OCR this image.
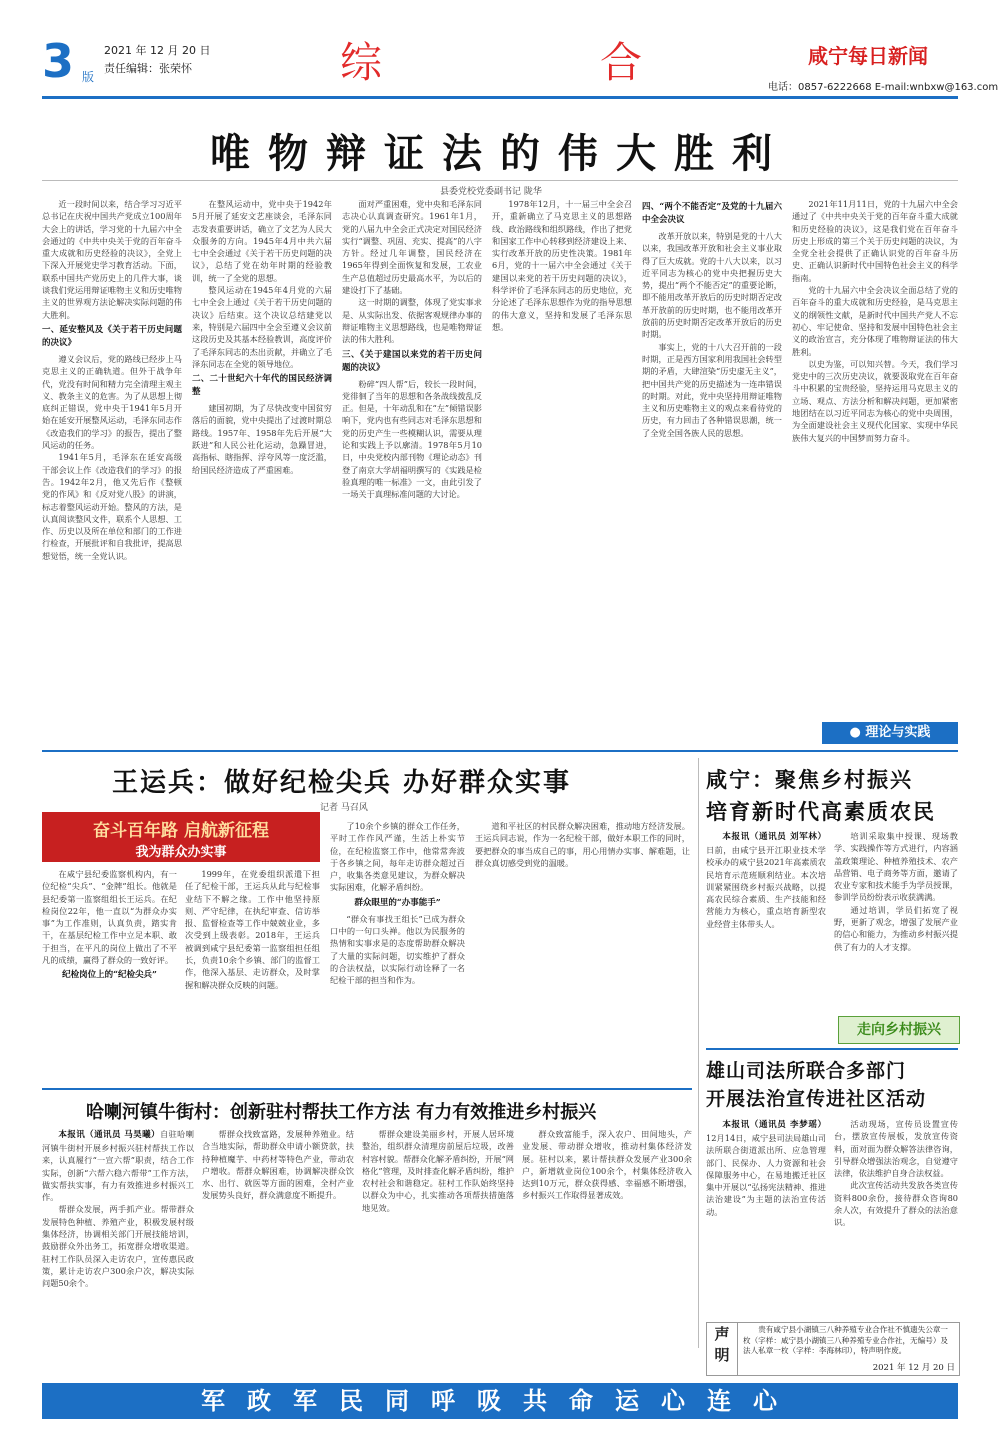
3 版
2021 年 12 月 20 日
责任编辑：张荣怀	综	合	咸宁每日新闻
电话：0857-6222668 E-mail:wnbxw@163.com
唯物辩证法的伟大胜利
县委党校党委副书记 陇华

近一段时间以来，结合学习习近平总书记在庆祝中国共产党成立100周年大会上的讲话，学习党的十九届六中全会通过的《中共中央关于党的百年奋斗重大成就和历史经验的决议》，全党上下深入开展党史学习教育活动。下面，联系中国共产党历史上的几件大事，谈谈我们党运用辩证唯物主义和历史唯物主义的世界观方法论解决实际问题的伟大胜利。

一、延安整风及《关于若干历史问题的决议》

遵义会议后，党的路线已经步上马克思主义的正确轨道。但外于战争年代，党没有时间和精力完全清理主观主义、教条主义的危害。为了从思想上彻底纠正错误，党中央于1941年5月开始在延安开展整风运动，毛泽东同志作《改造我们的学习》的报告，提出了整风运动的任务。

1941年5月，毛泽东在延安高级干部会议上作《改造我们的学习》的报告。1942年2月，他又先后作《整顿党的作风》和《反对党八股》的讲演，标志着整风运动开始。整风的方法，是认真阅读整风文件，联系个人思想、工作、历史以及所在单位和部门的工作进行检查，开展批评和自我批评，提高思想觉悟，统一全党认识。

在整风运动中，党中央于1942年5月开展了延安文艺座谈会，毛泽东同志发表重要讲话，确立了文艺为人民大众服务的方向。1945年4月中共六届七中全会通过《关于若干历史问题的决议》，总结了党在幼年时期的经验教训，统一了全党的思想。

整风运动在1945年4月党的六届七中全会上通过《关于若干历史问题的决议》后结束。这个决议总结建党以来，特别是六届四中全会至遵义会议前这段历史及其基本经验教训，高度评价了毛泽东同志的杰出贡献，并确立了毛泽东同志在全党的领导地位。

二、二十世纪六十年代的国民经济调整

建国初期，为了尽快改变中国贫穷落后的面貌，党中央提出了过渡时期总路线。1957年、1958年先后开展“大跃进”和人民公社化运动，急躁冒进，高指标、瞎指挥、浮夸风等一度泛滥，给国民经济造成了严重困难。

面对严重困难，党中央和毛泽东同志决心认真调查研究。1961年1月，党的八届九中全会正式决定对国民经济实行“调整、巩固、充实、提高”的八字方针。经过几年调整，国民经济在1965年得到全面恢复和发展，工农业生产总值超过历史最高水平，为以后的建设打下了基础。

这一时期的调整，体现了党实事求是、从实际出发、依据客观规律办事的辩证唯物主义思想路线，也是唯物辩证法的伟大胜利。

三、《关于建国以来党的若干历史问题的决议》

粉碎“四人帮”后，较长一段时间，党徘徊了当年的思想和各条战线拨乱反正。但是，十年动乱和在“左”倾错误影响下，党内也有些同志对毛泽东思想和党的历史产生一些模糊认识，需要从理论和实践上予以廓清。1978年5月10日，中央党校内部刊物《理论动态》刊登了南京大学胡福明撰写的《实践是检验真理的唯一标准》一文，由此引发了一场关于真理标准问题的大讨论。

1978年12月，十一届三中全会召开，重新确立了马克思主义的思想路线、政治路线和组织路线，作出了把党和国家工作中心转移到经济建设上来、实行改革开放的历史性决策。1981年6月，党的十一届六中全会通过《关于建国以来党的若干历史问题的决议》，科学评价了毛泽东同志的历史地位，充分论述了毛泽东思想作为党的指导思想的伟大意义，坚持和发展了毛泽东思想。

四、“两个不能否定”及党的十九届六中全会决议

改革开放以来，特别是党的十八大以来，我国改革开放和社会主义事业取得了巨大成就。党的十八大以来，以习近平同志为核心的党中央把握历史大势，提出“两个不能否定”的重要论断，即不能用改革开放后的历史时期否定改革开放前的历史时期，也不能用改革开放前的历史时期否定改革开放后的历史时期。

事实上，党的十八大召开前的一段时期，正是西方国家利用我国社会转型期的矛盾，大肆渲染“历史虚无主义”，把中国共产党的历史描述为一连串错误的时期。对此，党中央坚持用辩证唯物主义和历史唯物主义的观点来看待党的历史，有力回击了各种错误思潮，统一了全党全国各族人民的思想。

2021年11月11日，党的十九届六中全会通过了《中共中央关于党的百年奋斗重大成就和历史经验的决议》，这是我们党在百年奋斗历史上形成的第三个关于历史问题的决议，为全党全社会提供了正确认识党的百年奋斗历史、正确认识新时代中国特色社会主义的科学指南。

党的十九届六中全会决议全面总结了党的百年奋斗的重大成就和历史经验，是马克思主义的纲领性文献，是新时代中国共产党人不忘初心、牢记使命、坚持和发展中国特色社会主义的政治宣言，充分体现了唯物辩证法的伟大胜利。

以史为鉴，可以知兴替。今天，我们学习党史中的三次历史决议，就要汲取党在百年奋斗中积累的宝贵经验，坚持运用马克思主义的立场、观点、方法分析和解决问题，更加紧密地团结在以习近平同志为核心的党中央周围，为全面建设社会主义现代化国家、实现中华民族伟大复兴的中国梦而努力奋斗。

● 理论与实践
王运兵：做好纪检尖兵 办好群众实事
记者 马召风
奋斗百年路 启航新征程
我为群众办实事

在咸宁县纪委监察机构内，有一位纪检“尖兵”、“金牌”组长。他就是县纪委第一监察组组长王运兵。在纪检岗位22年，他一直以“为群众办实事”为工作准则，认真负责，踏实肯干，在基层纪检工作中立足本职、敢于担当，在平凡的岗位上做出了不平凡的成绩，赢得了群众的一致好评。

纪检岗位上的“纪检尖兵”

1999年，在党委组织派遣下担任了纪检干部，王运兵从此与纪检事业结下不解之缘。工作中他坚持原则、严守纪律，在执纪审查、信访举报、监督检查等工作中兢兢业业，多次受到上级表彰。2018年，王运兵被调到咸宁县纪委第一监察组担任组长，负责10余个乡镇、部门的监督工作，他深入基层、走访群众，及时掌握和解决群众反映的问题。

了10余个乡镇的群众工作任务，平时工作作风严谨，生活上朴实节俭，在纪检监察工作中，他常常奔波于各乡镇之间，每年走访群众超过百户，收集各类意见建议，为群众解决实际困难，化解矛盾纠纷。

群众眼里的“办事能手”

“群众有事找王组长”已成为群众口中的一句口头禅。他以为民服务的热情和实事求是的态度帮助群众解决了大量的实际问题，切实维护了群众的合法权益，以实际行动诠释了一名纪检干部的担当和作为。

道和平社区的村民群众解决困难，推动地方经济发展。王运兵同志说，作为一名纪检干部，做好本职工作的同时，要把群众的事当成自己的事，用心用情办实事、解难题，让群众真切感受到党的温暖。

哈喇河镇牛街村：创新驻村帮扶工作方法 有力有效推进乡村振兴

本报讯（通讯员 马昊曦）自驻哈喇河镇牛街村开展乡村振兴驻村帮扶工作以来，认真履行“一宣六帮”职责，结合工作实际，创新“六帮六稳六帮带”工作方法，做实帮扶实事，有力有效推进乡村振兴工作。

帮群众发展，两手抓产业。帮带群众发展特色种植、养殖产业，积极发展村级集体经济，协调相关部门开展技能培训，鼓励群众外出务工，拓宽群众增收渠道。驻村工作队员深入走访农户，宣传惠民政策，累计走访农户300余户次，解决实际问题50余个。

帮群众找致富路，发展种养殖业。结合当地实际，帮助群众申请小额贷款，扶持种植魔芋、中药材等特色产业，带动农户增收。帮群众解困难，协调解决群众饮水、出行、就医等方面的困难，全村产业发展势头良好，群众满意度不断提升。

帮群众建设美丽乡村，开展人居环境整治，组织群众清理房前屋后垃圾，改善村容村貌。帮群众化解矛盾纠纷，开展“网格化”管理，及时排查化解矛盾纠纷，维护农村社会和谐稳定。驻村工作队始终坚持以群众为中心，扎实推动各项帮扶措施落地见效。

群众致富能手，深入农户、田间地头，产业发展、带动群众增收，推动村集体经济发展。驻村以来，累计帮扶群众发展产业300余户，新增就业岗位100余个，村集体经济收入达到10万元，群众获得感、幸福感不断增强，乡村振兴工作取得显著成效。

咸宁：聚焦乡村振兴
培育新时代高素质农民

本报讯（通讯员 刘军林）日前，由咸宁县开江职业技术学校承办的咸宁县2021年高素质农民培育示范班顺利结业。本次培训紧紧围绕乡村振兴战略，以提高农民综合素质、生产技能和经营能力为核心，重点培育新型农业经营主体带头人。

培训采取集中授课、现场教学、实践操作等方式进行，内容涵盖政策理论、种植养殖技术、农产品营销、电子商务等方面，邀请了农业专家和技术能手为学员授课，参训学员纷纷表示收获满满。

通过培训，学员们拓宽了视野，更新了观念，增强了发展产业的信心和能力，为推动乡村振兴提供了有力的人才支撑。

走向乡村振兴
雄山司法所联合多部门
开展法治宣传进社区活动

本报讯（通讯员 李梦瑶）12月14日，咸宁县司法局雄山司法所联合街道派出所、应急管理部门、民保办、人力资源和社会保障服务中心，在易地搬迁社区集中开展以“弘扬宪法精神、推进法治建设”为主题的法治宣传活动。

活动现场，宣传员设置宣传台，摆放宣传展板，发放宣传资料，面对面为群众解答法律咨询，引导群众增强法治观念，自觉遵守法律，依法维护自身合法权益。

此次宣传活动共发放各类宣传资料800余份，接待群众咨询80余人次，有效提升了群众的法治意识。

声
明
贵有咸宁县小湖镇三八种养殖专业合作社不慎遗失公章一枚（字样：咸宁县小湖镇三八种养殖专业合作社，无编号）及法人私章一枚（字样：李海林印），特声明作废。
2021 年 12 月 20 日
军政军民同呼吸共命运心连心
